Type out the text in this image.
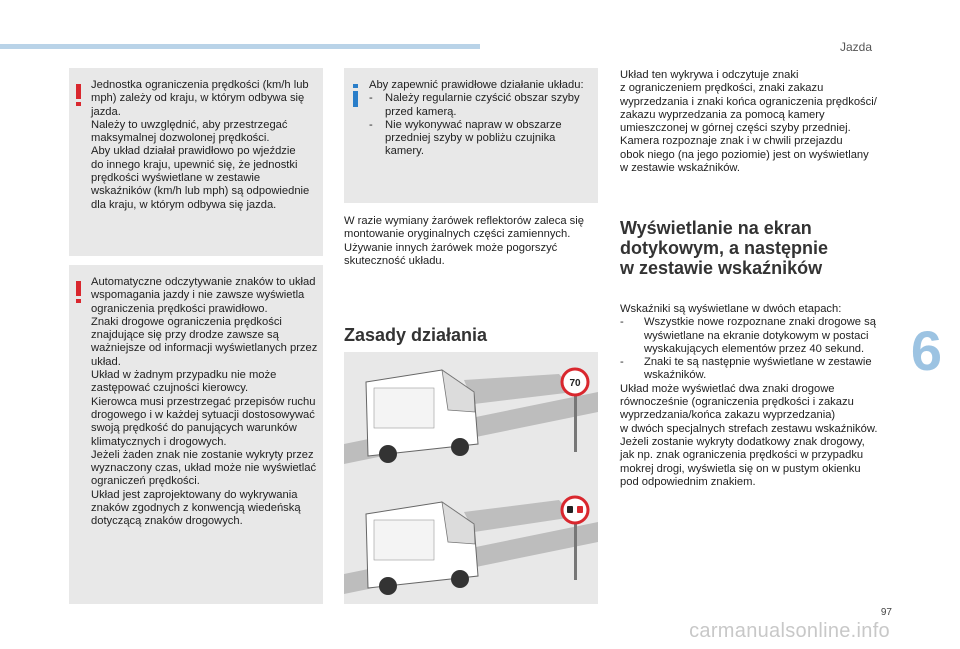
Jazda
6
Jednostka ograniczenia prędkości (km/h lub
mph) zależy od kraju, w którym odbywa się
jazda.
Należy to uwzględnić, aby przestrzegać
maksymalnej dozwolonej prędkości.
Aby układ działał prawidłowo po wjeździe
do innego kraju, upewnić się, że jednostki
prędkości wyświetlane w zestawie
wskaźników (km/h lub mph) są odpowiednie
dla kraju, w którym odbywa się jazda.
Automatyczne odczytywanie znaków to układ
wspomagania jazdy i nie zawsze wyświetla
ograniczenia prędkości prawidłowo.
Znaki drogowe ograniczenia prędkości
znajdujące się przy drodze zawsze są
ważniejsze od informacji wyświetlanych przez
układ.
Układ w żadnym przypadku nie może
zastępować czujności kierowcy.
Kierowca musi przestrzegać przepisów ruchu
drogowego i w każdej sytuacji dostosowywać
swoją prędkość do panujących warunków
klimatycznych i drogowych.
Jeżeli żaden znak nie zostanie wykryty przez
wyznaczony czas, układ może nie wyświetlać
ograniczeń prędkości.
Układ jest zaprojektowany do wykrywania
znaków zgodnych z konwencją wiedeńską
dotyczącą znaków drogowych.
Aby zapewnić prawidłowe działanie układu:
- Należy regularnie czyścić obszar szyby przed kamerą.
- Nie wykonywać napraw w obszarze przedniej szyby w pobliżu czujnika kamery.
W razie wymiany żarówek reflektorów zaleca się
montowanie oryginalnych części zamiennych.
Używanie innych żarówek może pogorszyć
skuteczność układu.
Zasady działania
70
Układ ten wykrywa i odczytuje znaki
z ograniczeniem prędkości, znaki zakazu
wyprzedzania i znaki końca ograniczenia prędkości/
zakazu wyprzedzania za pomocą kamery
umieszczonej w górnej części szyby przedniej.
Kamera rozpoznaje znak i w chwili przejazdu
obok niego (na jego poziomie) jest on wyświetlany
w zestawie wskaźników.
Wyświetlanie na ekran
dotykowym, a następnie
w zestawie wskaźników
Wskaźniki są wyświetlane w dwóch etapach:
- Wszystkie nowe rozpoznane znaki drogowe są wyświetlane na ekranie dotykowym w postaci wyskakujących elementów przez 40 sekund.
- Znaki te są następnie wyświetlane w zestawie wskaźników.
Układ może wyświetlać dwa znaki drogowe
równocześnie (ograniczenia prędkości i zakazu
wyprzedzania/końca zakazu wyprzedzania)
w dwóch specjalnych strefach zestawu wskaźników.
Jeżeli zostanie wykryty dodatkowy znak drogowy,
jak np. znak ograniczenia prędkości w przypadku
mokrej drogi, wyświetla się on w pustym okienku
pod odpowiednim znakiem.
97
carmanualsonline.info
